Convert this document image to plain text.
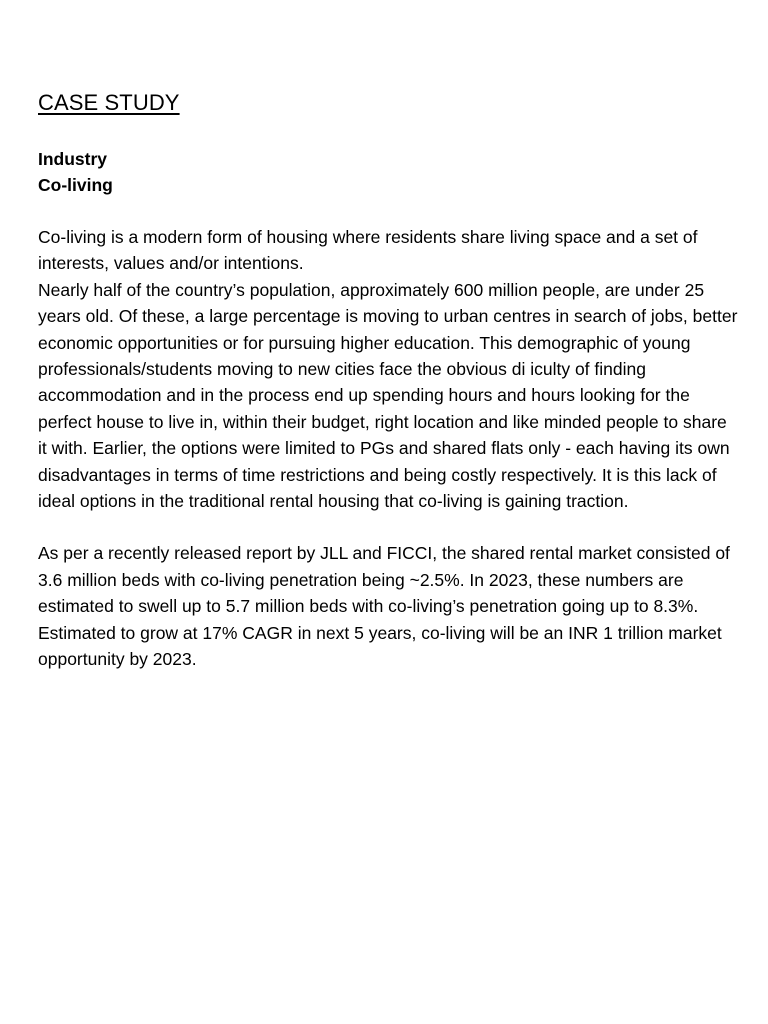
CASE STUDY

Industry

Co-living

Co-living is a modern form of housing where residents share living space and a set of interests, values and/or intentions.

Nearly half of the country’s population, approximately 600 million people, are under 25 years old. Of these, a large percentage is moving to urban centres in search of jobs, better economic opportunities or for pursuing higher education. This demographic of young professionals/students moving to new cities face the obvious di iculty of finding accommodation and in the process end up spending hours and hours looking for the perfect house to live in, within their budget, right location and like minded people to share it with. Earlier, the options were limited to PGs and shared flats only - each having its own disadvantages in terms of time restrictions and being costly respectively. It is this lack of ideal options in the traditional rental housing that co-living is gaining traction.

As per a recently released report by JLL and FICCI, the shared rental market consisted of 3.6 million beds with co-living penetration being ~2.5%. In 2023, these numbers are estimated to swell up to 5.7 million beds with co-living’s penetration going up to 8.3%. Estimated to grow at 17% CAGR in next 5 years, co-living will be an INR 1 trillion market opportunity by 2023.
